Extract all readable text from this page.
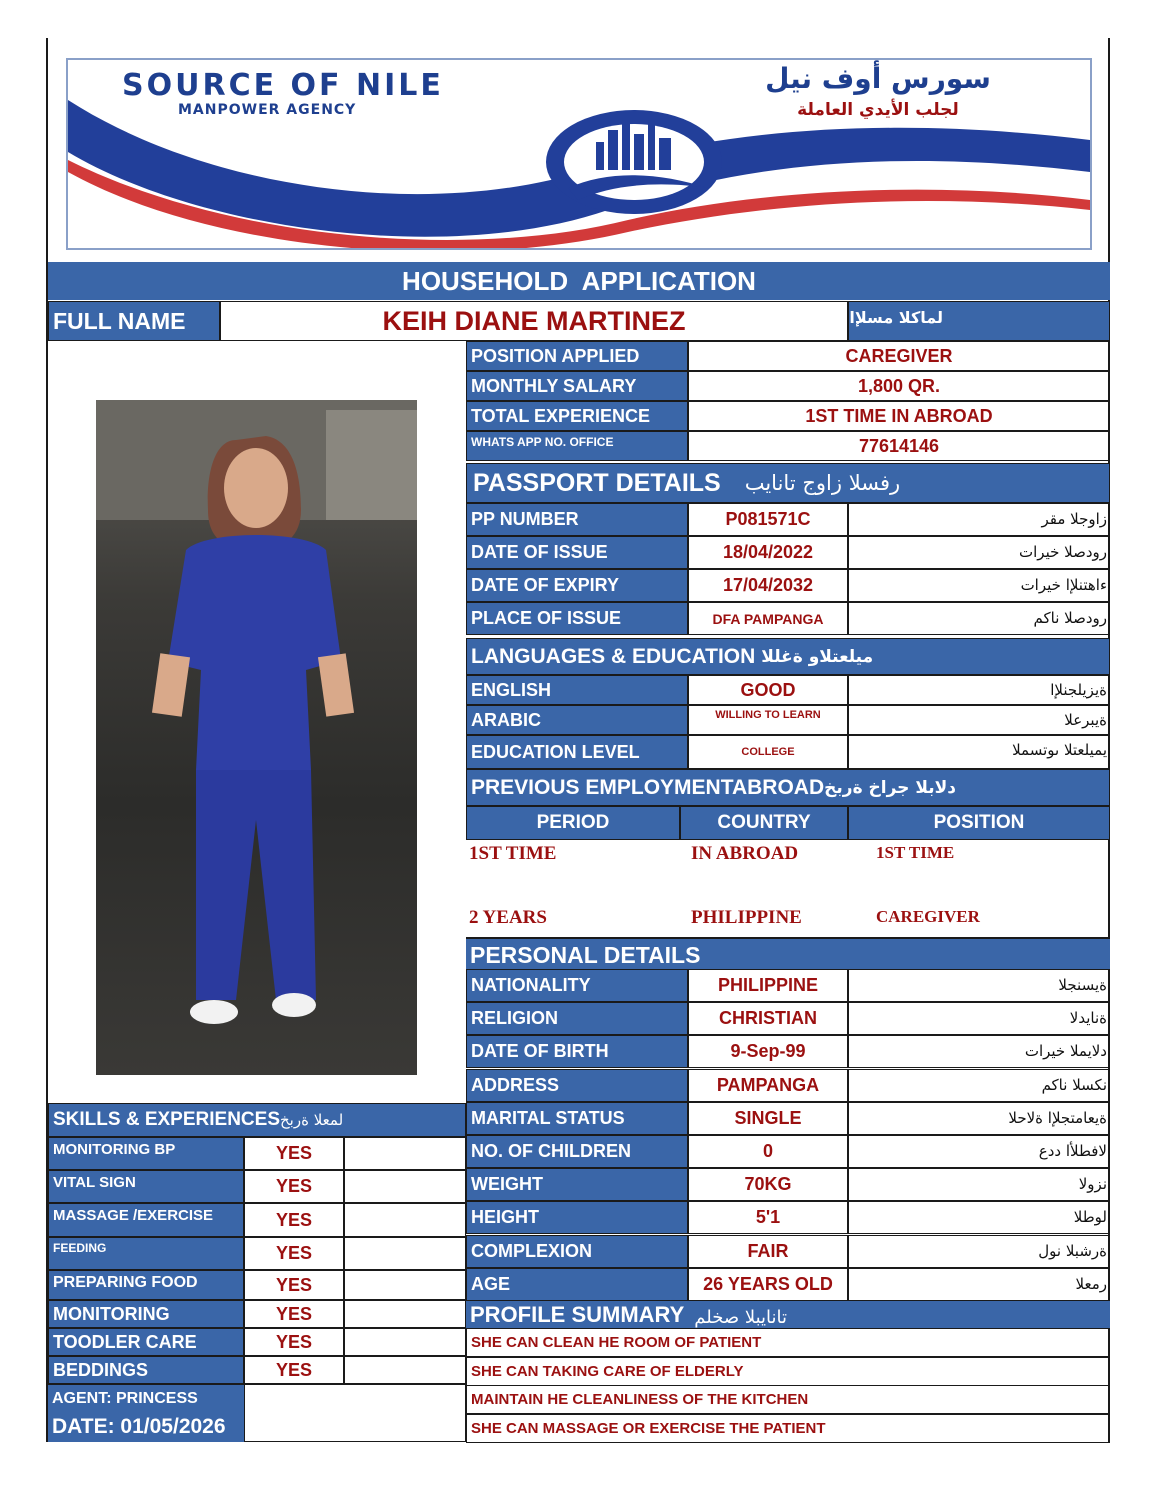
SOURCE OF NILE
MANPOWER AGENCY
سورس أوف نيل
لجلب الأيدي العاملة
HOUSEHOLD  APPLICATION
FULL NAME	KEIH DIANE MARTINEZ	لماكلا مسلإا
PASSPORT DETAILS رفسلا زاوج تانايب
LANGUAGES & EDUCATION ميلعتلاو ةغللا
PREVIOUS EMPLOYMENTABROAD دلابلا جراخ ةربخ
PERIOD	COUNTRY	POSITION
1ST TIME	IN ABROAD	1ST TIME
2 YEARS	PHILIPPINE	CAREGIVER
PERSONAL DETAILS
SKILLS & EXPERIENCES لمعلا ةربخ
AGENT: PRINCESS
DATE: 01/05/2026
PROFILE SUMMARY تانايبلا صخلم
POSITION APPLIED	CAREGIVER
MONTHLY SALARY	1,800 QR.
TOTAL EXPERIENCE	1ST TIME IN ABROAD
WHATS APP NO. OFFICE	77614146
PP NUMBER	P081571C	زاوجلا مقر
DATE OF ISSUE	18/04/2022	رودصلا خيرات
DATE OF EXPIRY	17/04/2032	ءاهتنلإا خيرات
PLACE OF ISSUE	DFA PAMPANGA	رودصلا ناكم
ENGLISH	GOOD	ةيزيلجنلإا
ARABIC	WILLING TO LEARN	ةيبرعلا
EDUCATION LEVEL	COLLEGE	يميلعتلا ىوتسملا
NATIONALITY	PHILIPPINE	ةيسنجلا
RELIGION	CHRISTIAN	ةنايدلا
DATE OF BIRTH	9-Sep-99	دلايملا خيرات
ADDRESS	PAMPANGA	نكسلا ناكم
MARITAL STATUS	SINGLE	ةيعامتجلإا ةلاحلا
NO. OF CHILDREN	0	لافطلأا ددع
WEIGHT	70KG	نزولا
HEIGHT	5'1	لوطلا
COMPLEXION	FAIR	ةرشبلا نول
AGE	26 YEARS OLD	رمعلا
MONITORING BP	YES
VITAL SIGN	YES
MASSAGE /EXERCISE	YES
FEEDING	YES
PREPARING FOOD	YES
MONITORING	YES
TOODLER CARE	YES
BEDDINGS	YES
SHE CAN CLEAN HE ROOM OF PATIENT
SHE CAN TAKING CARE OF ELDERLY
MAINTAIN HE CLEANLINESS OF THE KITCHEN
SHE CAN MASSAGE OR EXERCISE THE PATIENT
